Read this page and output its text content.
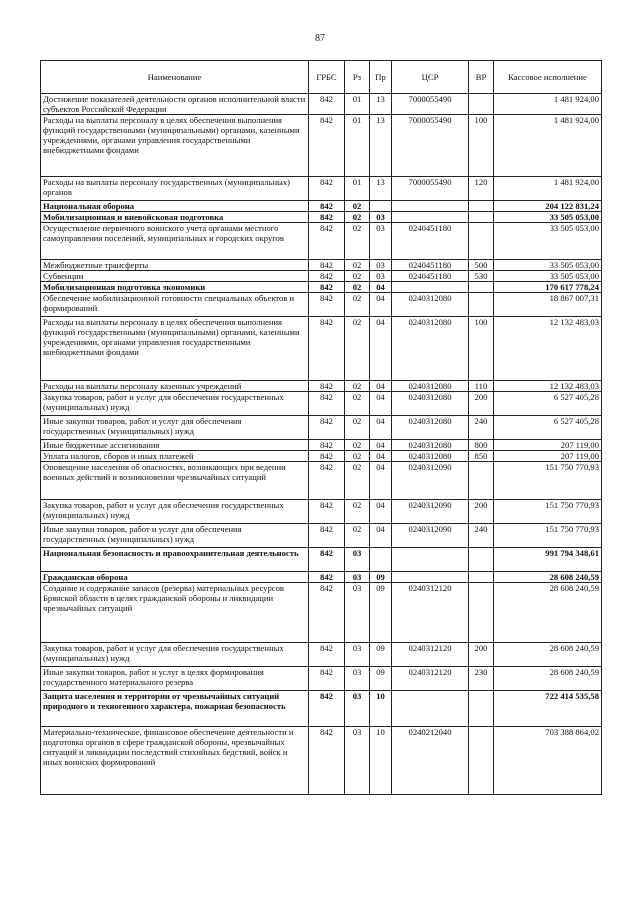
87
Наименование	ГРБС	Рз	Пр	ЦСР	ВР	Кассовое исполнение
Достижение показателей деятельности органов исполнительной власти субъектов Российской Федерации	842	01	13	7000055490		1 481 924,00
Расходы на выплаты персоналу в целях обеспечения выполнения функций государственными (муниципальными) органами, казенными учреждениями, органами управления государственными внебюджетными фондами	842	01	13	7000055490	100	1 481 924,00
Расходы на выплаты персоналу государственных (муниципальных) органов	842	01	13	7000055490	120	1 481 924,00
Национальная оборона	842	02				204 122 831,24
Мобилизационная и вневойсковая подготовка	842	02	03			33 505 053,00
Осуществление первичного воинского учета органами местного самоуправления поселений, муниципальных и городских округов	842	02	03	0240451180		33 505 053,00
Межбюджетные трансферты	842	02	03	0240451180	500	33 505 053,00
Субвенции	842	02	03	0240451180	530	33 505 053,00
Мобилизационная подготовка экономики	842	02	04			170 617 778,24
Обеспечение мобилизационной готовности специальных объектов и формирований	842	02	04	0240312080		18 867 007,31
Расходы на выплаты персоналу в целях обеспечения выполнения функций государственными (муниципальными) органами, казенными учреждениями, органами управления государственными внебюджетными фондами	842	02	04	0240312080	100	12 132 483,03
Расходы на выплаты персоналу казенных учреждений	842	02	04	0240312080	110	12 132 483,03
Закупка товаров, работ и услуг для обеспечения государственных (муниципальных) нужд	842	02	04	0240312080	200	6 527 405,28
Иные закупки товаров, работ и услуг для обеспечения государственных (муниципальных) нужд	842	02	04	0240312080	240	6 527 405,28
Иные бюджетные ассигнования	842	02	04	0240312080	800	207 119,00
Уплата налогов, сборов и иных платежей	842	02	04	0240312080	850	207 119,00
Оповещение населения об опасностях, возникающих при ведении военных действий и возникновении чрезвычайных ситуаций	842	02	04	0240312090		151 750 770,93
Закупка товаров, работ и услуг для обеспечения государственных (муниципальных) нужд	842	02	04	0240312090	200	151 750 770,93
Иные закупки товаров, работ и услуг для обеспечения государственных (муниципальных) нужд	842	02	04	0240312090	240	151 750 770,93
Национальная безопасность и правоохранительная деятельность	842	03				991 794 348,61
Гражданская оборона	842	03	09			28 608 240,59
Создание и содержание запасов (резерва) материальных ресурсов Брянской области в целях гражданской обороны и ликвидации чрезвычайных ситуаций	842	03	09	0240312120		28 608 240,59
Закупка товаров, работ и услуг для обеспечения государственных (муниципальных) нужд	842	03	09	0240312120	200	28 608 240,59
Иные закупки товаров, работ и услуг в целях формирования государственного материального резерва	842	03	09	0240312120	230	28 608 240,59
Защита населения и территории от чрезвычайных ситуаций природного и техногенного характера, пожарная безопасность	842	03	10			722 414 535,58
Материально-техническое, финансовое обеспечение деятельности и подготовка органов в сфере гражданской обороны, чрезвычайных ситуаций и ликвидации последствий стихийных бедствий, войск и иных воинских формирований	842	03	10	0240212040		703 388 864,02
